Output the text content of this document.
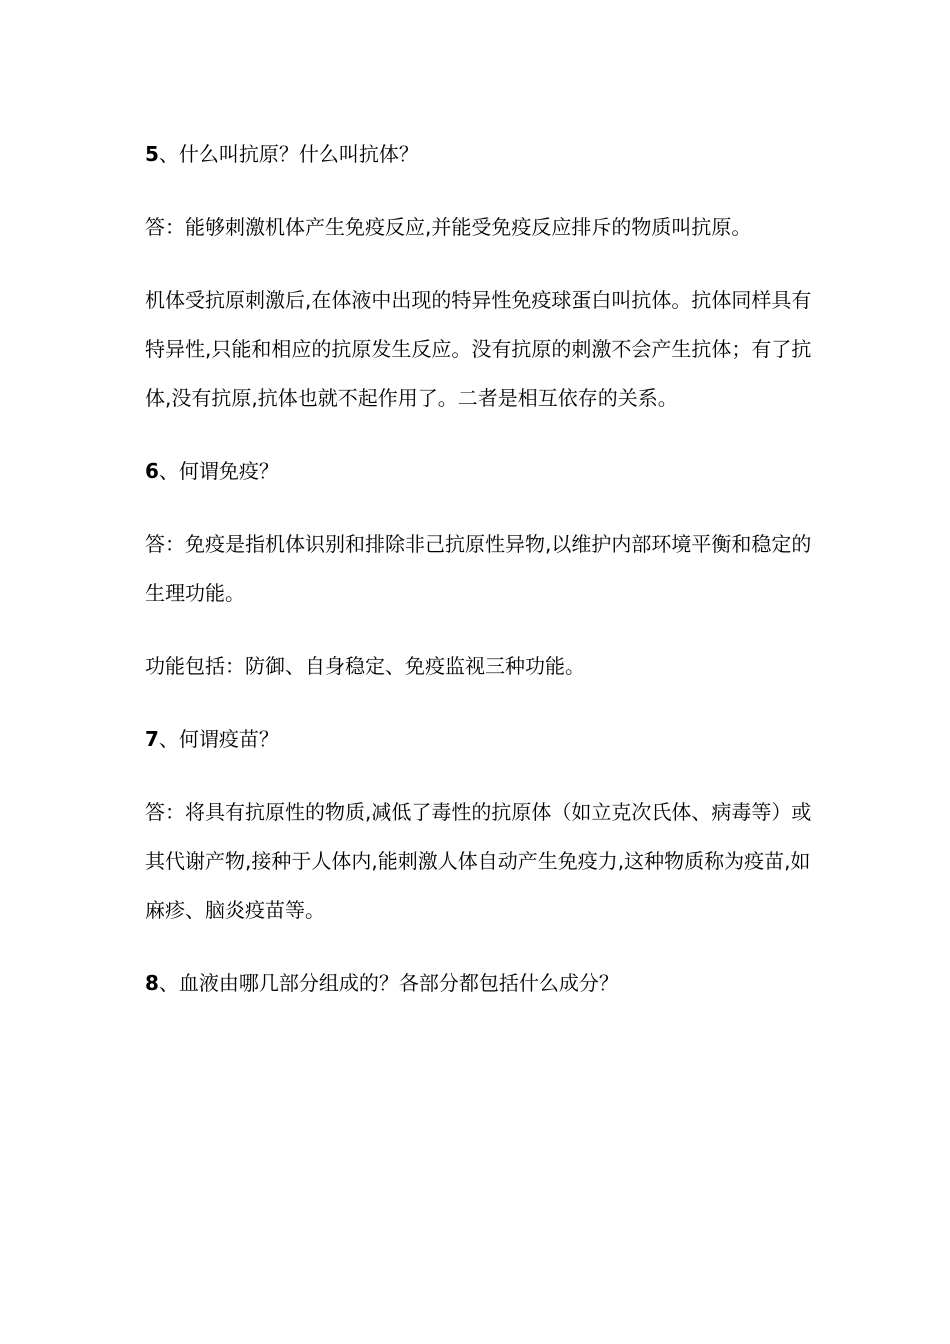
5、什么叫抗原？什么叫抗体？

答：能够刺激机体产生免疫反应,并能受免疫反应排斥的物质叫抗原。

机体受抗原刺激后,在体液中出现的特异性免疫球蛋白叫抗体。抗体同样具有特异性,只能和相应的抗原发生反应。没有抗原的刺激不会产生抗体；有了抗体,没有抗原,抗体也就不起作用了。二者是相互依存的关系。

6、何谓免疫？

答：免疫是指机体识别和排除非己抗原性异物,以维护内部环境平衡和稳定的生理功能。

功能包括：防御、自身稳定、免疫监视三种功能。

7、何谓疫苗？

答：将具有抗原性的物质,减低了毒性的抗原体（如立克次氏体、病毒等）或其代谢产物,接种于人体内,能刺激人体自动产生免疫力,这种物质称为疫苗,如麻疹、脑炎疫苗等。

8、血液由哪几部分组成的？各部分都包括什么成分？
